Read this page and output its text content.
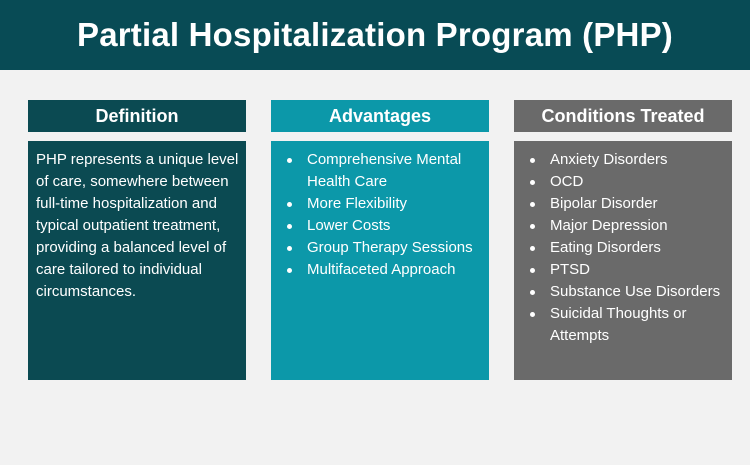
Partial Hospitalization Program (PHP)
Definition
PHP represents a unique level of care, somewhere between full-time hospitalization and typical outpatient treatment, providing a balanced level of care tailored to individual circumstances.
Advantages
Comprehensive Mental Health Care
More Flexibility
Lower Costs
Group Therapy Sessions
Multifaceted Approach
Conditions Treated
Anxiety Disorders
OCD
Bipolar Disorder
Major Depression
Eating Disorders
PTSD
Substance Use Disorders
Suicidal Thoughts or Attempts
